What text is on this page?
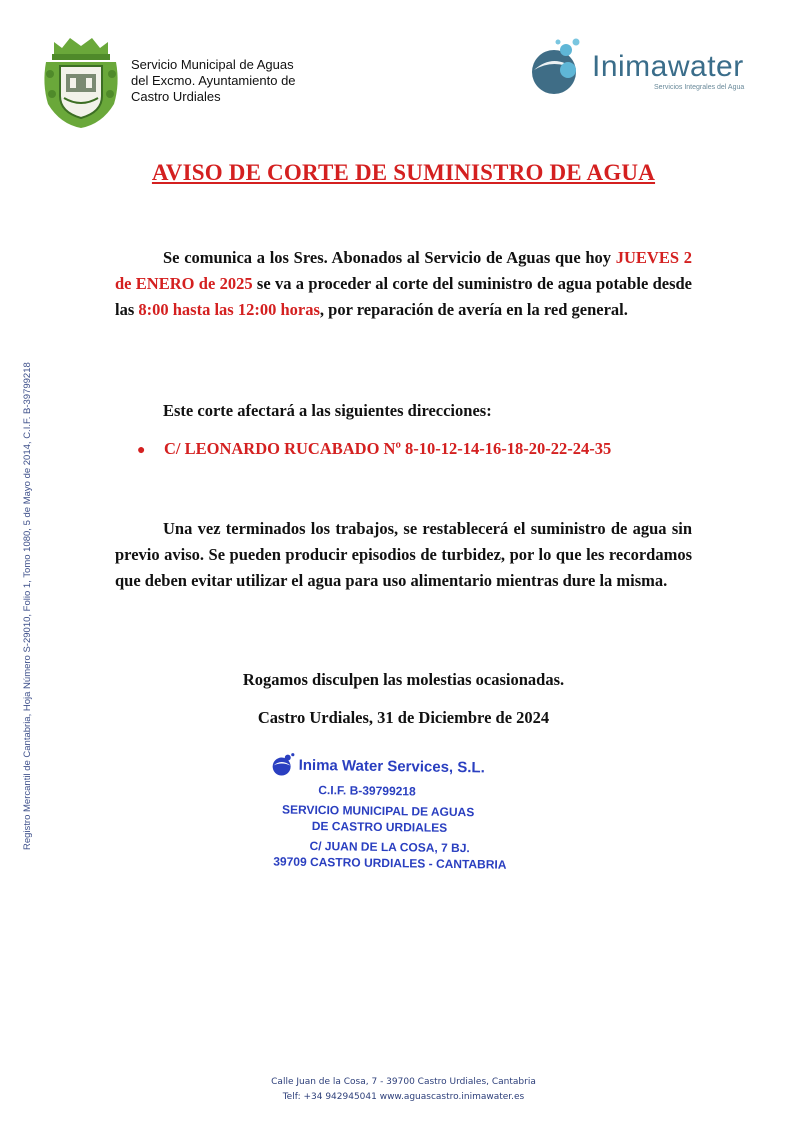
Servicio Municipal de Aguas
del Excmo. Ayuntamiento de
Castro Urdiales
Inimawater
Servicios Integrales del Agua
AVISO DE CORTE DE SUMINISTRO DE AGUA
Se comunica a los Sres. Abonados al Servicio de Aguas que hoy JUEVES 2 de ENERO de 2025 se va a proceder al corte del suministro de agua potable desde las 8:00 hasta las 12:00 horas, por reparación de avería en la red general.
Este corte afectará a las siguientes direcciones:
● C/ LEONARDO RUCABADO Nº 8-10-12-14-16-18-20-22-24-35
Una vez terminados los trabajos, se restablecerá el suministro de agua sin previo aviso. Se pueden producir episodios de turbidez, por lo que les recordamos que deben evitar utilizar el agua para uso alimentario mientras dure la misma.
Rogamos disculpen las molestias ocasionadas.
Castro Urdiales, 31 de Diciembre de 2024
Inima Water Services, S.L.
C.I.F. B-39799218
SERVICIO MUNICIPAL DE AGUAS
DE CASTRO URDIALES
C/ JUAN DE LA COSA, 7 BJ.
39709 CASTRO URDIALES - CANTABRIA
Registro Mercantil de Cantabria, Hoja Número S-29010, Folio 1, Tomo 1080, 5 de Mayo de 2014, C.I.F. B-39799218
Calle Juan de la Cosa, 7 - 39700 Castro Urdiales, Cantabria
Telf: +34 942945041 www.aguascastro.inimawater.es
